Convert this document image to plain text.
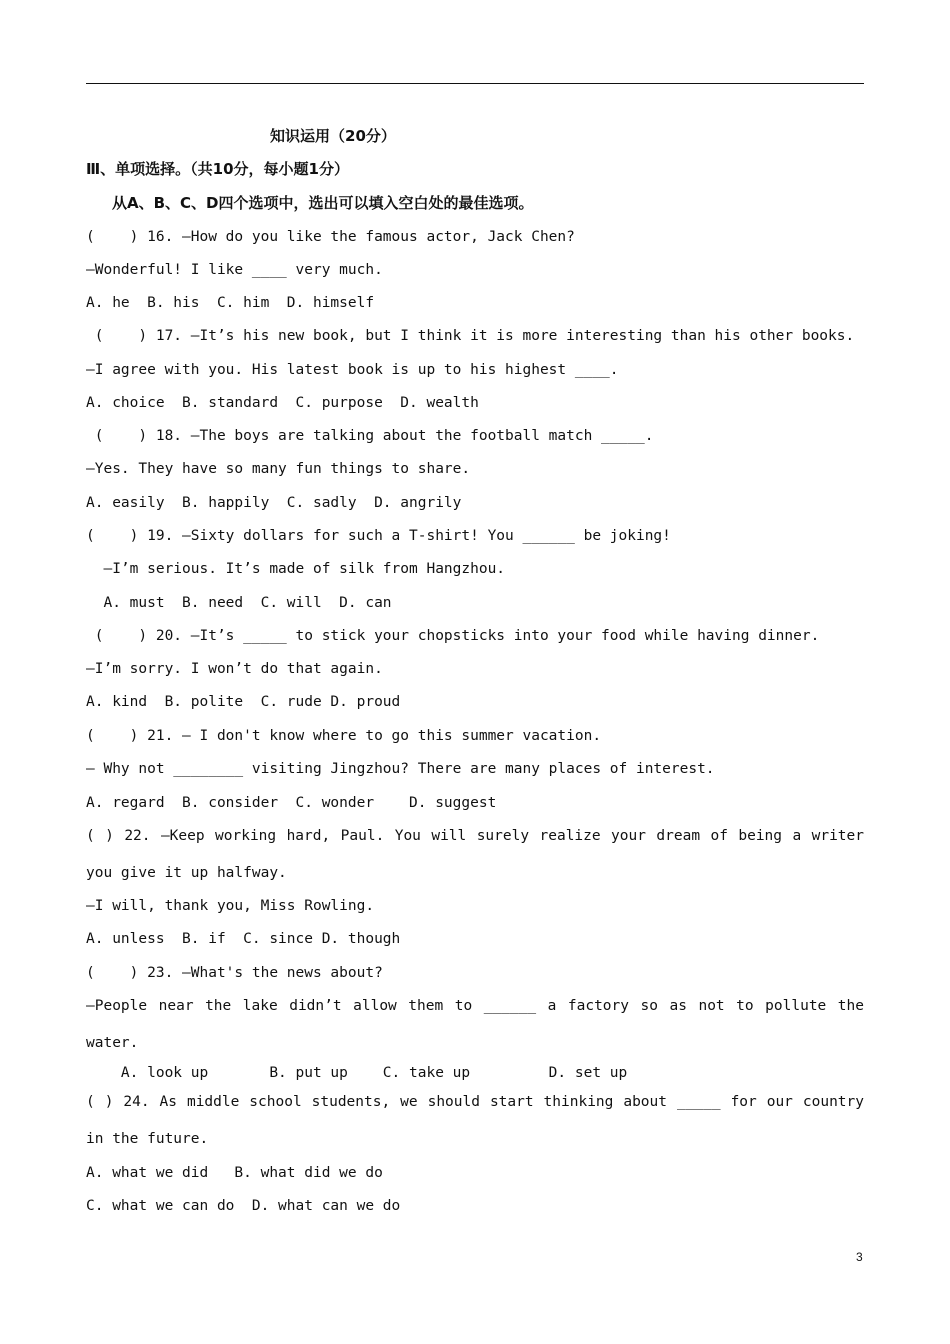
知识运用（20分）
Ⅲ、单项选择。（共10分，每小题1分）
从A、B、C、D四个选项中，选出可以填入空白处的最佳选项。
(    ) 16. —How do you like the famous actor, Jack Chen?
—Wonderful! I like ____ very much.
A. he  B. his  C. him  D. himself
(    ) 17. —It’s his new book, but I think it is more interesting than his other books.
—I agree with you. His latest book is up to his highest ____.
A. choice  B. standard  C. purpose  D. wealth
(    ) 18. —The boys are talking about the football match _____.
—Yes. They have so many fun things to share.
A. easily  B. happily  C. sadly  D. angrily
(    ) 19. —Sixty dollars for such a T-shirt! You ______ be joking!
—I’m serious. It’s made of silk from Hangzhou.
A. must  B. need  C. will  D. can
(    ) 20. —It’s _____ to stick your chopsticks into your food while having dinner.
—I’m sorry. I won’t do that again.
A. kind  B. polite  C. rude D. proud
(    ) 21. — I don't know where to go this summer vacation.
— Why not ________ visiting Jingzhou? There are many places of interest.
A. regard  B. consider  C. wonder    D. suggest
( ) 22. —Keep working hard, Paul. You will surely realize your dream of being a writer
you give it up halfway.
—I will, thank you, Miss Rowling.
A. unless  B. if  C. since D. though
(    ) 23. —What's the news about?
—People near the lake didn’t allow them to ______ a factory so as not to pollute the
water.
A. look up       B. put up    C. take up         D. set up
( ) 24. As middle school students, we should start thinking about _____ for our country
in the future.
A. what we did   B. what did we do
C. what we can do  D. what can we do
3
